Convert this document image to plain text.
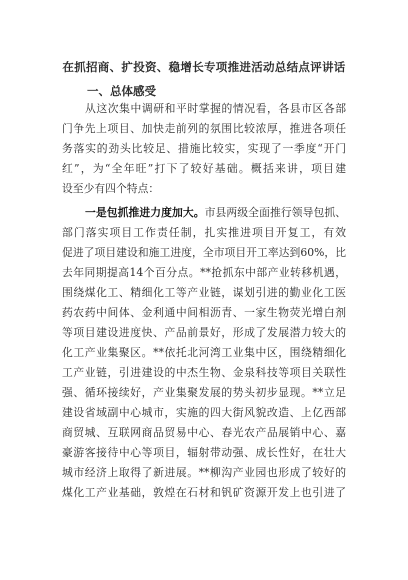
在抓招商、扩投资、稳增长专项推进活动总结点评讲话
一、总体感受
从这次集中调研和平时掌握的情况看，各县市区各部
门争先上项目、加快走前列的氛围比较浓厚，推进各项任
务落实的劲头比较足、措施比较实，实现了一季度“开门
红”，为“全年旺”打下了较好基础。概括来讲，项目建
设至少有四个特点：
一是包抓推进力度加大。市县两级全面推行领导包抓、
部门落实项目工作责任制，扎实推进项目开复工，有效
促进了项目建设和施工进度，全市项目开工率达到60%，比
去年同期提高14个百分点。**抢抓东中部产业转移机遇，
围绕煤化工、精细化工等产业链，谋划引进的勤业化工医
药农药中间体、金利通中间相沥青、一家生物荧光增白剂
等项目建设进度快、产品前景好，形成了发展潜力较大的
化工产业集聚区。**依托北河湾工业集中区，围绕精细化
工产业链，引进建设的中杰生物、金泉科技等项目关联性
强、循环接续好，产业集聚发展的势头初步显现。**立足
建设省域副中心城市，实施的四大街风貌改造、上亿西部
商贸城、互联网商品贸易中心、春光农产品展销中心、嘉
豪游客接待中心等项目，辐射带动强、成长性好，在壮大
城市经济上取得了新进展。**柳沟产业园也形成了较好的
煤化工产业基础，敦煌在石材和钒矿资源开发上也引进了
